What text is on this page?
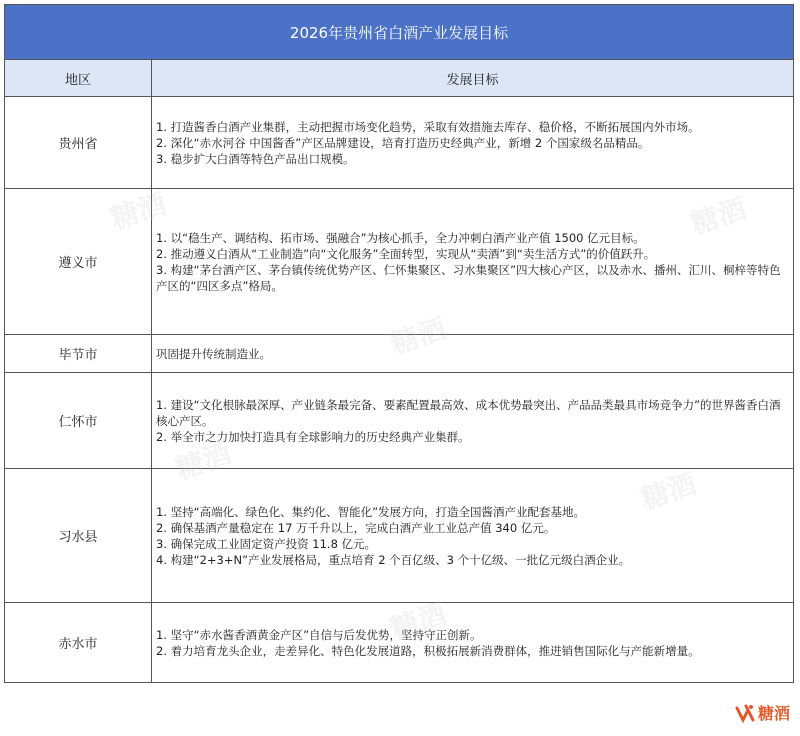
2026年贵州省白酒产业发展目标	
地区	发展目标
贵州省	1. 打造酱香白酒产业集群，主动把握市场变化趋势，采取有效措施去库存、稳价格，不断拓展国内外市场。
2. 深化“赤水河谷 中国酱香”产区品牌建设，培育打造历史经典产业，新增 2 个国家级名品精品。
3. 稳步扩大白酒等特色产品出口规模。

遵义市	1. 以“稳生产、调结构、拓市场、强融合”为核心抓手，全力冲刺白酒产业产值 1500 亿元目标。
2. 推动遵义白酒从“工业制造”向“文化服务”全面转型，实现从“卖酒”到“卖生活方式”的价值跃升。
3. 构建“茅台酒产区、茅台镇传统优势产区、仁怀集聚区、习水集聚区”四大核心产区，以及赤水、播州、汇川、桐梓等特色产区的“四区多点”格局。

毕节市	巩固提升传统制造业。

仁怀市	1. 建设“文化根脉最深厚、产业链条最完备、要素配置最高效、成本优势最突出、产品品类最具市场竞争力”的世界酱香白酒核心产区。
2. 举全市之力加快打造具有全球影响力的历史经典产业集群。

习水县	1. 坚持“高端化、绿色化、集约化、智能化”发展方向，打造全国酱酒产业配套基地。
2. 确保基酒产量稳定在 17 万千升以上，完成白酒产业工业总产值 340 亿元。
3. 确保完成工业固定资产投资 11.8 亿元。
4. 构建“2+3+N”产业发展格局，重点培育 2 个百亿级、3 个十亿级、一批亿元级白酒企业。

赤水市	1. 坚守“赤水酱香酒黄金产区”自信与后发优势，坚持守正创新。
2. 着力培育龙头企业，走差异化、特色化发展道路，积极拓展新消费群体，推进销售国际化与产能新增量。
糖酒	糖酒
糖酒
糖酒
糖酒
糖酒
糖酒
